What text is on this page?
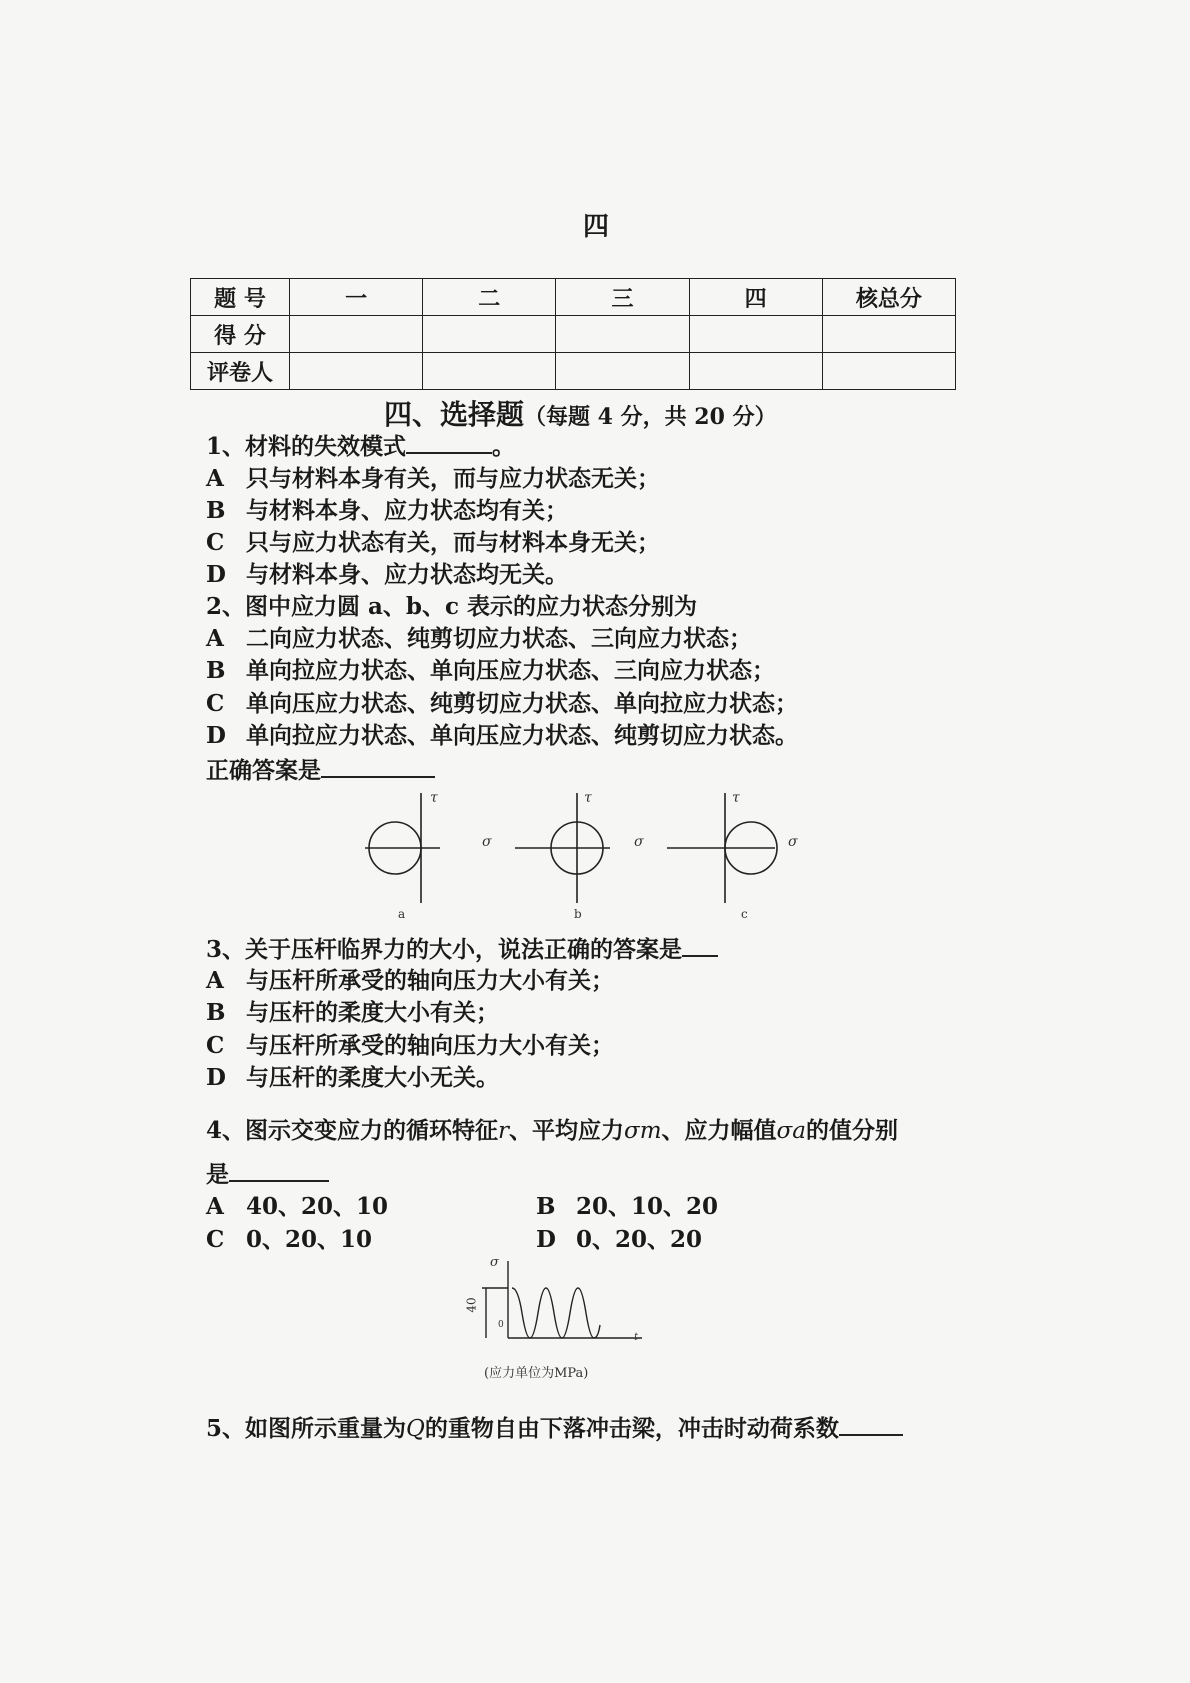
四
题 号	一	二	三	四	核总分
得 分					
评卷人					
四、选择题（每题 4 分，共 20 分）
1、材料的失效模式	。
A 只与材料本身有关，而与应力状态无关；
B 与材料本身、应力状态均有关；
C 只与应力状态有关，而与材料本身无关；
D 与材料本身、应力状态均无关。
2、图中应力圆 a、b、c 表示的应力状态分别为
A 二向应力状态、纯剪切应力状态、三向应力状态；
B 单向拉应力状态、单向压应力状态、三向应力状态；
C 单向压应力状态、纯剪切应力状态、单向拉应力状态；
D 单向拉应力状态、单向压应力状态、纯剪切应力状态。
正确答案是
τ	τ	τ
σ	σ	σ
a	b	c
3、关于压杆临界力的大小，说法正确的答案是
A 与压杆所承受的轴向压力大小有关；
B 与压杆的柔度大小有关；
C 与压杆所承受的轴向压力大小有关；
D 与压杆的柔度大小无关。
4、图示交变应力的循环特征r、平均应力σm、应力幅值σa的值分别
是
A 40、20、10	B 20、10、20
C 0、20、10	D 0、20、20
σ
t
40
0
(应力单位为MPa)
5、如图所示重量为Q的重物自由下落冲击梁，冲击时动荷系数
